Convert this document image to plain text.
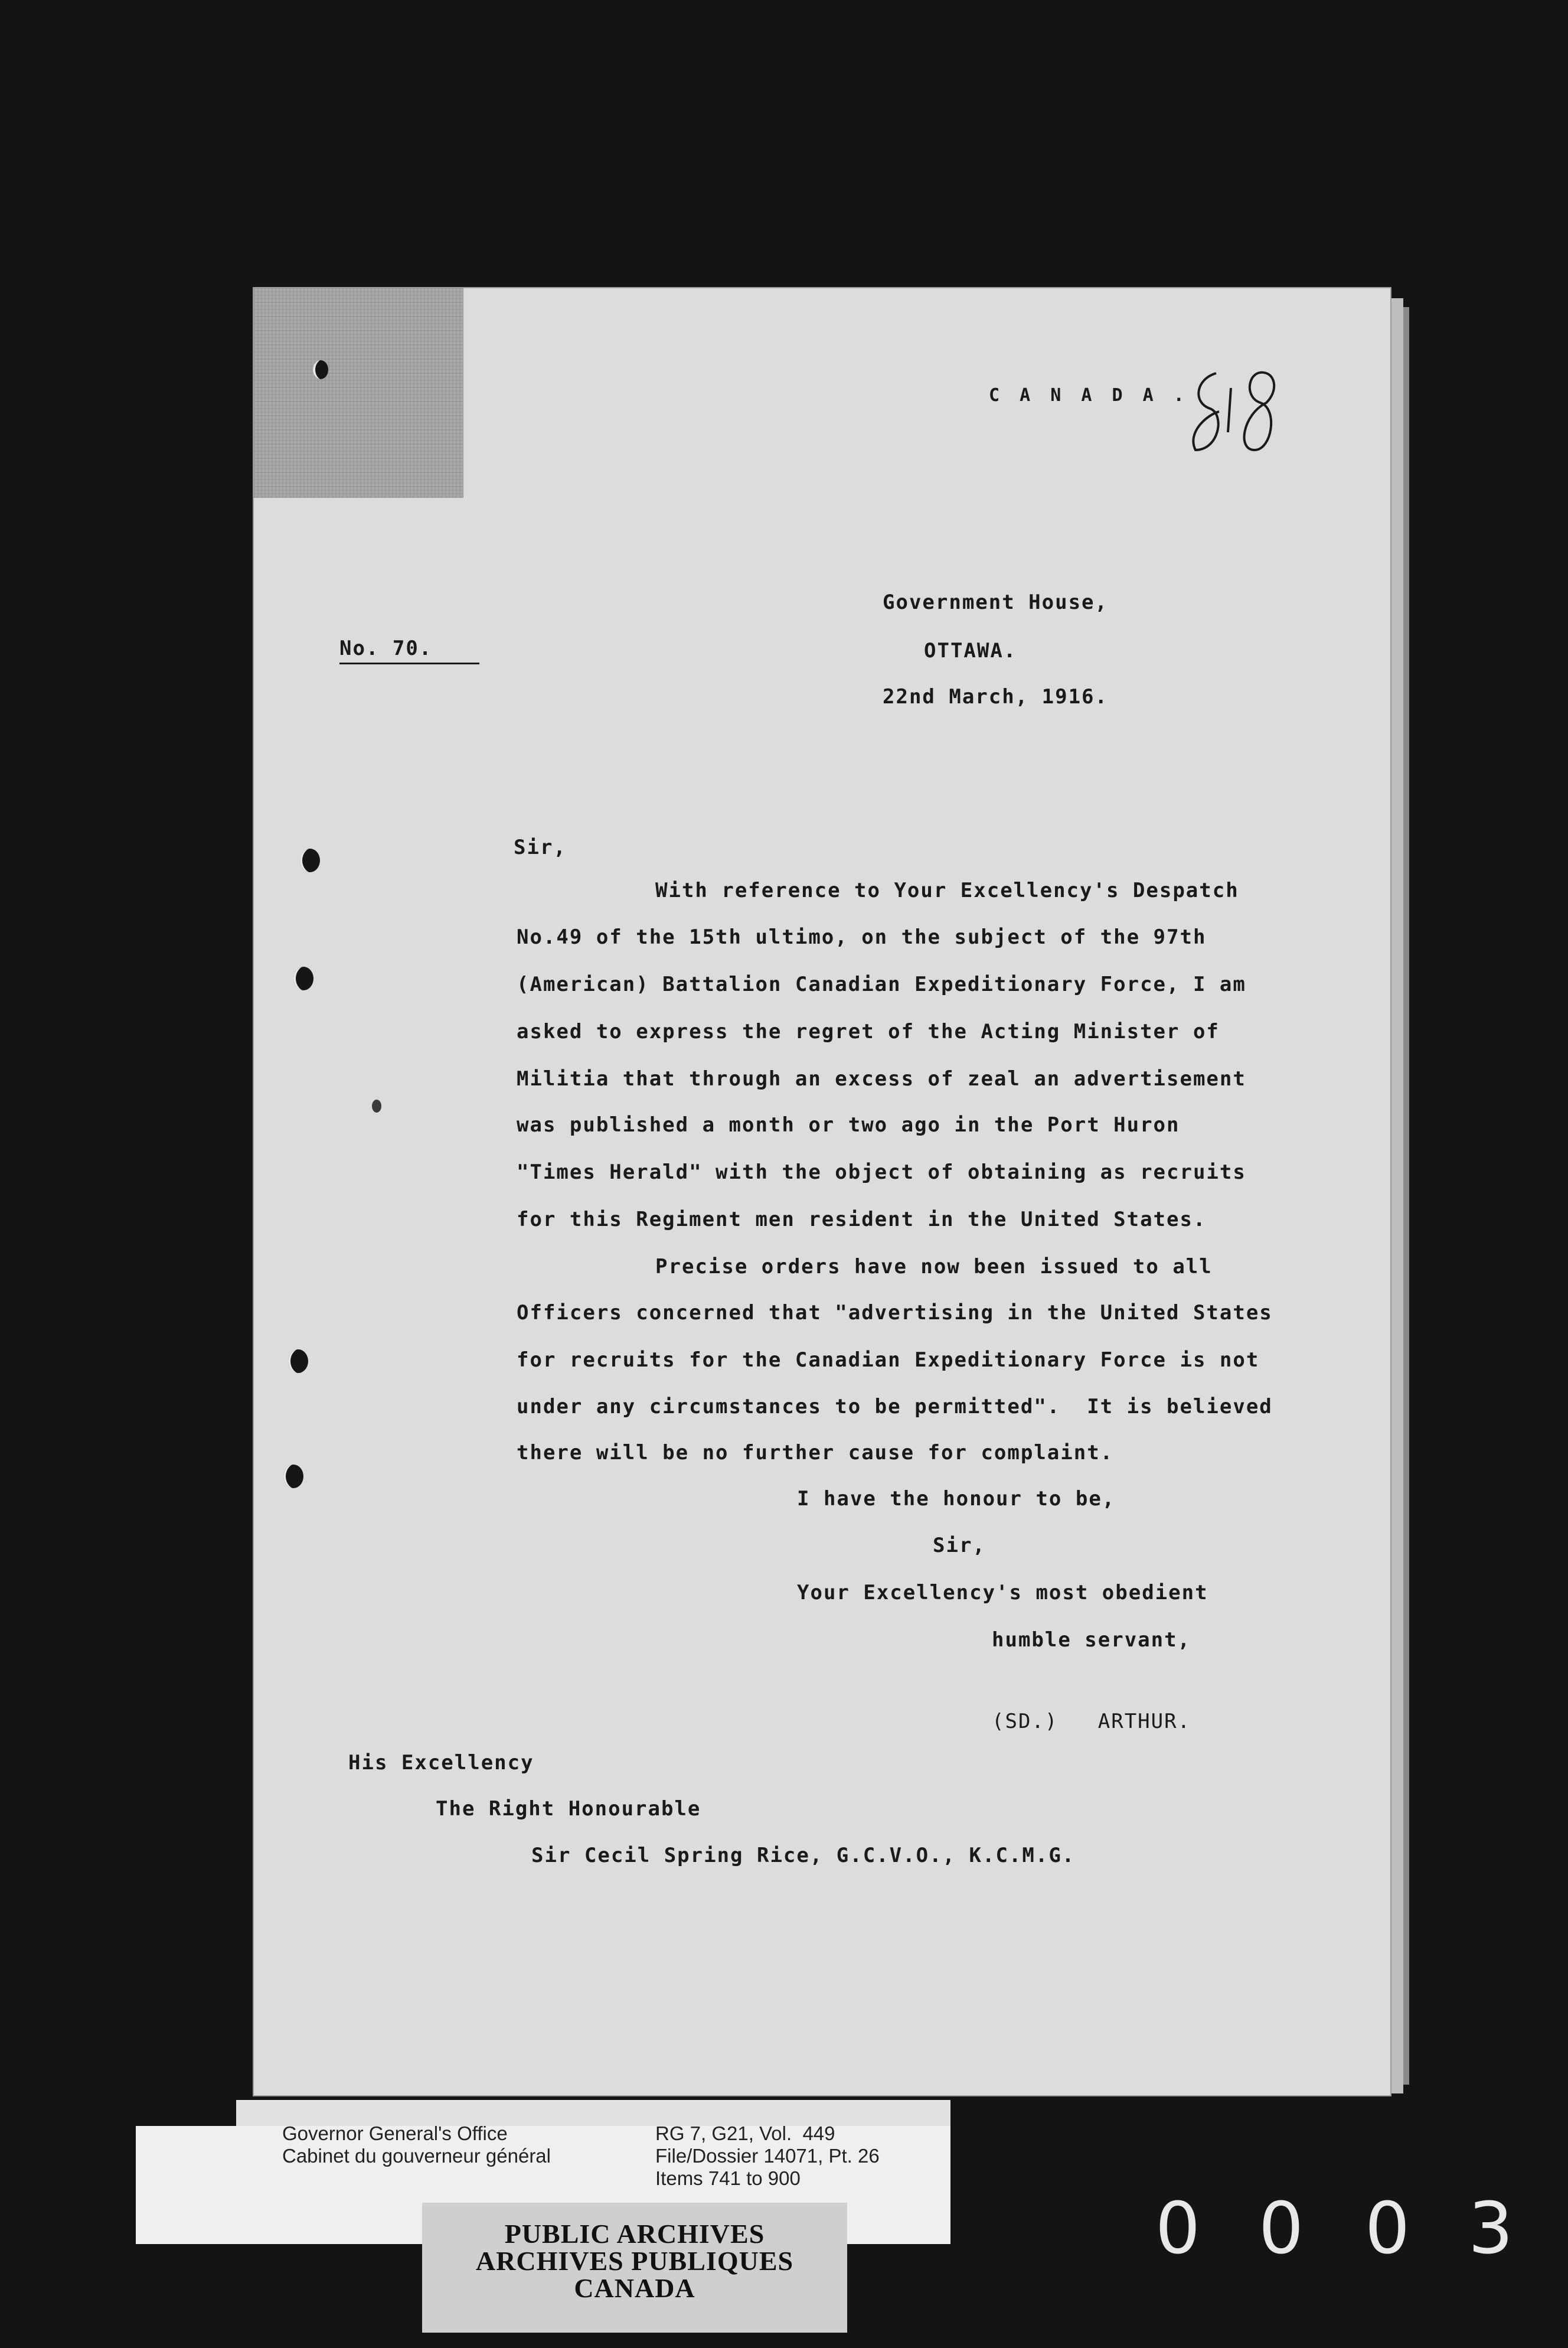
C A N A D A .
No. 70.
Government House,
OTTAWA.
22nd March, 1916.
Sir,
With reference to Your Excellency's Despatch
No.49 of the 15th ultimo, on the subject of the 97th
(American) Battalion Canadian Expeditionary Force, I am
asked to express the regret of the Acting Minister of
Militia that through an excess of zeal an advertisement
was published a month or two ago in the Port Huron
"Times Herald" with the object of obtaining as recruits
for this Regiment men resident in the United States.
Precise orders have now been issued to all
Officers concerned that "advertising in the United States
for recruits for the Canadian Expeditionary Force is not
under any circumstances to be permitted".  It is believed
there will be no further cause for complaint.
I have the honour to be,
Sir,
Your Excellency's most obedient
humble servant,
(SD.)   ARTHUR.
His Excellency
The Right Honourable
Sir Cecil Spring Rice, G.C.V.O., K.C.M.G.
Governor General's Office
Cabinet du gouverneur général
RG 7, G21, Vol.  449
File/Dossier 14071, Pt. 26
Items 741 to 900
PUBLIC ARCHIVES
ARCHIVES PUBLIQUES
CANADA
0 0 0 3
